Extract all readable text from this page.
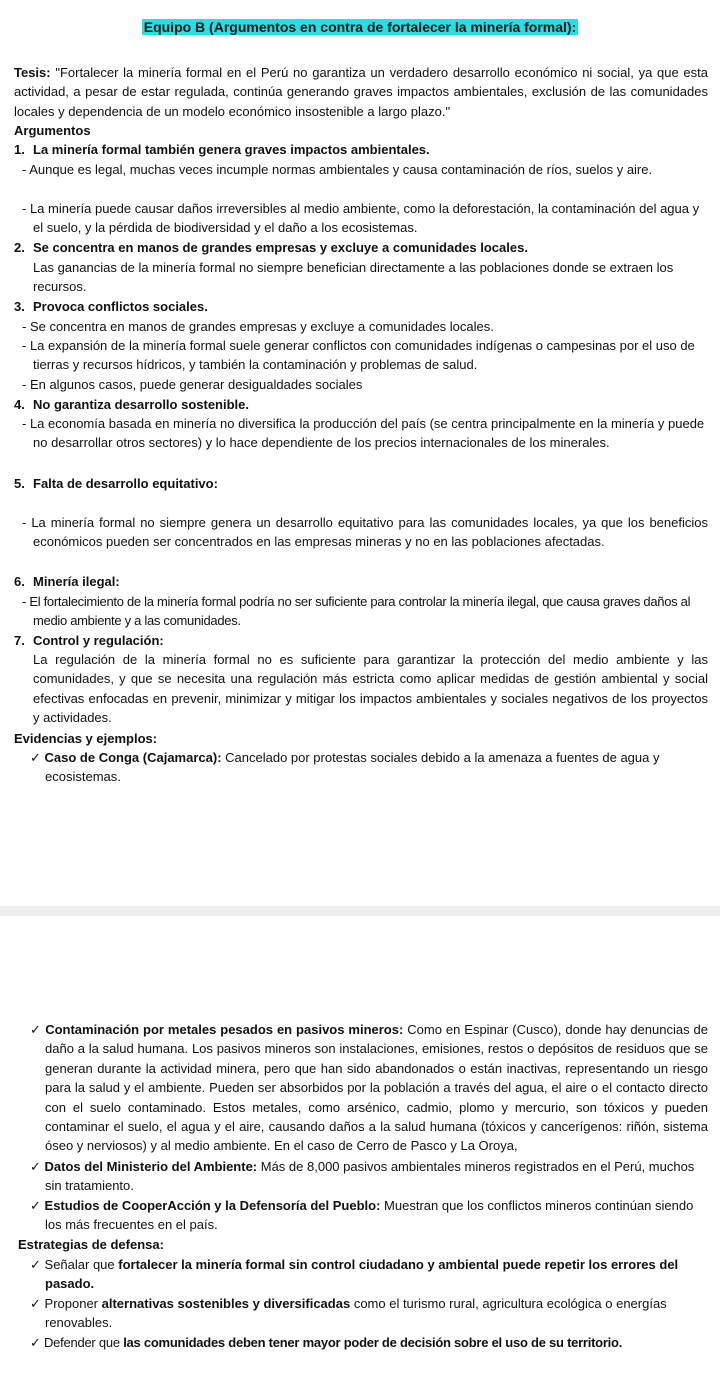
Equipo B (Argumentos en contra de fortalecer la minería formal):
Tesis: "Fortalecer la minería formal en el Perú no garantiza un verdadero desarrollo económico ni social, ya que esta actividad, a pesar de estar regulada, continúa generando graves impactos ambientales, exclusión de las comunidades locales y dependencia de un modelo económico insostenible a largo plazo."
Argumentos
1. La minería formal también genera graves impactos ambientales.
- Aunque es legal, muchas veces incumple normas ambientales y causa contaminación de ríos, suelos y aire.
- La minería puede causar daños irreversibles al medio ambiente, como la deforestación, la contaminación del agua y el suelo, y la pérdida de biodiversidad y el daño a los ecosistemas.
2. Se concentra en manos de grandes empresas y excluye a comunidades locales.
Las ganancias de la minería formal no siempre benefician directamente a las poblaciones donde se extraen los recursos.
3. Provoca conflictos sociales.
- Se concentra en manos de grandes empresas y excluye a comunidades locales.
- La expansión de la minería formal suele generar conflictos con comunidades indígenas o campesinas por el uso de tierras y recursos hídricos, y también la contaminación y problemas de salud.
- En algunos casos, puede generar desigualdades sociales
4. No garantiza desarrollo sostenible.
- La economía basada en minería no diversifica la producción del país (se centra principalmente en la minería y puede no desarrollar otros sectores) y lo hace dependiente de los precios internacionales de los minerales.
5. Falta de desarrollo equitativo:
- La minería formal no siempre genera un desarrollo equitativo para las comunidades locales, ya que los beneficios económicos pueden ser concentrados en las empresas mineras y no en las poblaciones afectadas.
6. Minería ilegal:
- El fortalecimiento de la minería formal podría no ser suficiente para controlar la minería ilegal, que causa graves daños al medio ambiente y a las comunidades.
7. Control y regulación:
La regulación de la minería formal no es suficiente para garantizar la protección del medio ambiente y las comunidades, y que se necesita una regulación más estricta como aplicar medidas de gestión ambiental y social efectivas enfocadas en prevenir, minimizar y mitigar los impactos ambientales y sociales negativos de los proyectos y actividades.
Evidencias y ejemplos:
✓ Caso de Conga (Cajamarca): Cancelado por protestas sociales debido a la amenaza a fuentes de agua y ecosistemas.
✓ Contaminación por metales pesados en pasivos mineros: Como en Espinar (Cusco), donde hay denuncias de daño a la salud humana. Los pasivos mineros son instalaciones, emisiones, restos o depósitos de residuos que se generan durante la actividad minera, pero que han sido abandonados o están inactivas, representando un riesgo para la salud y el ambiente. Pueden ser absorbidos por la población a través del agua, el aire o el contacto directo con el suelo contaminado. Estos metales, como arsénico, cadmio, plomo y mercurio, son tóxicos y pueden contaminar el suelo, el agua y el aire, causando daños a la salud humana (tóxicos y cancerígenos: riñón, sistema óseo y nerviosos) y al medio ambiente. En el caso de Cerro de Pasco y La Oroya,
✓ Datos del Ministerio del Ambiente: Más de 8,000 pasivos ambientales mineros registrados en el Perú, muchos sin tratamiento.
✓ Estudios de CooperAcción y la Defensoría del Pueblo: Muestran que los conflictos mineros continúan siendo los más frecuentes en el país.
Estrategias de defensa:
✓ Señalar que fortalecer la minería formal sin control ciudadano y ambiental puede repetir los errores del pasado.
✓ Proponer alternativas sostenibles y diversificadas como el turismo rural, agricultura ecológica o energías renovables.
✓ Defender que las comunidades deben tener mayor poder de decisión sobre el uso de su territorio.
